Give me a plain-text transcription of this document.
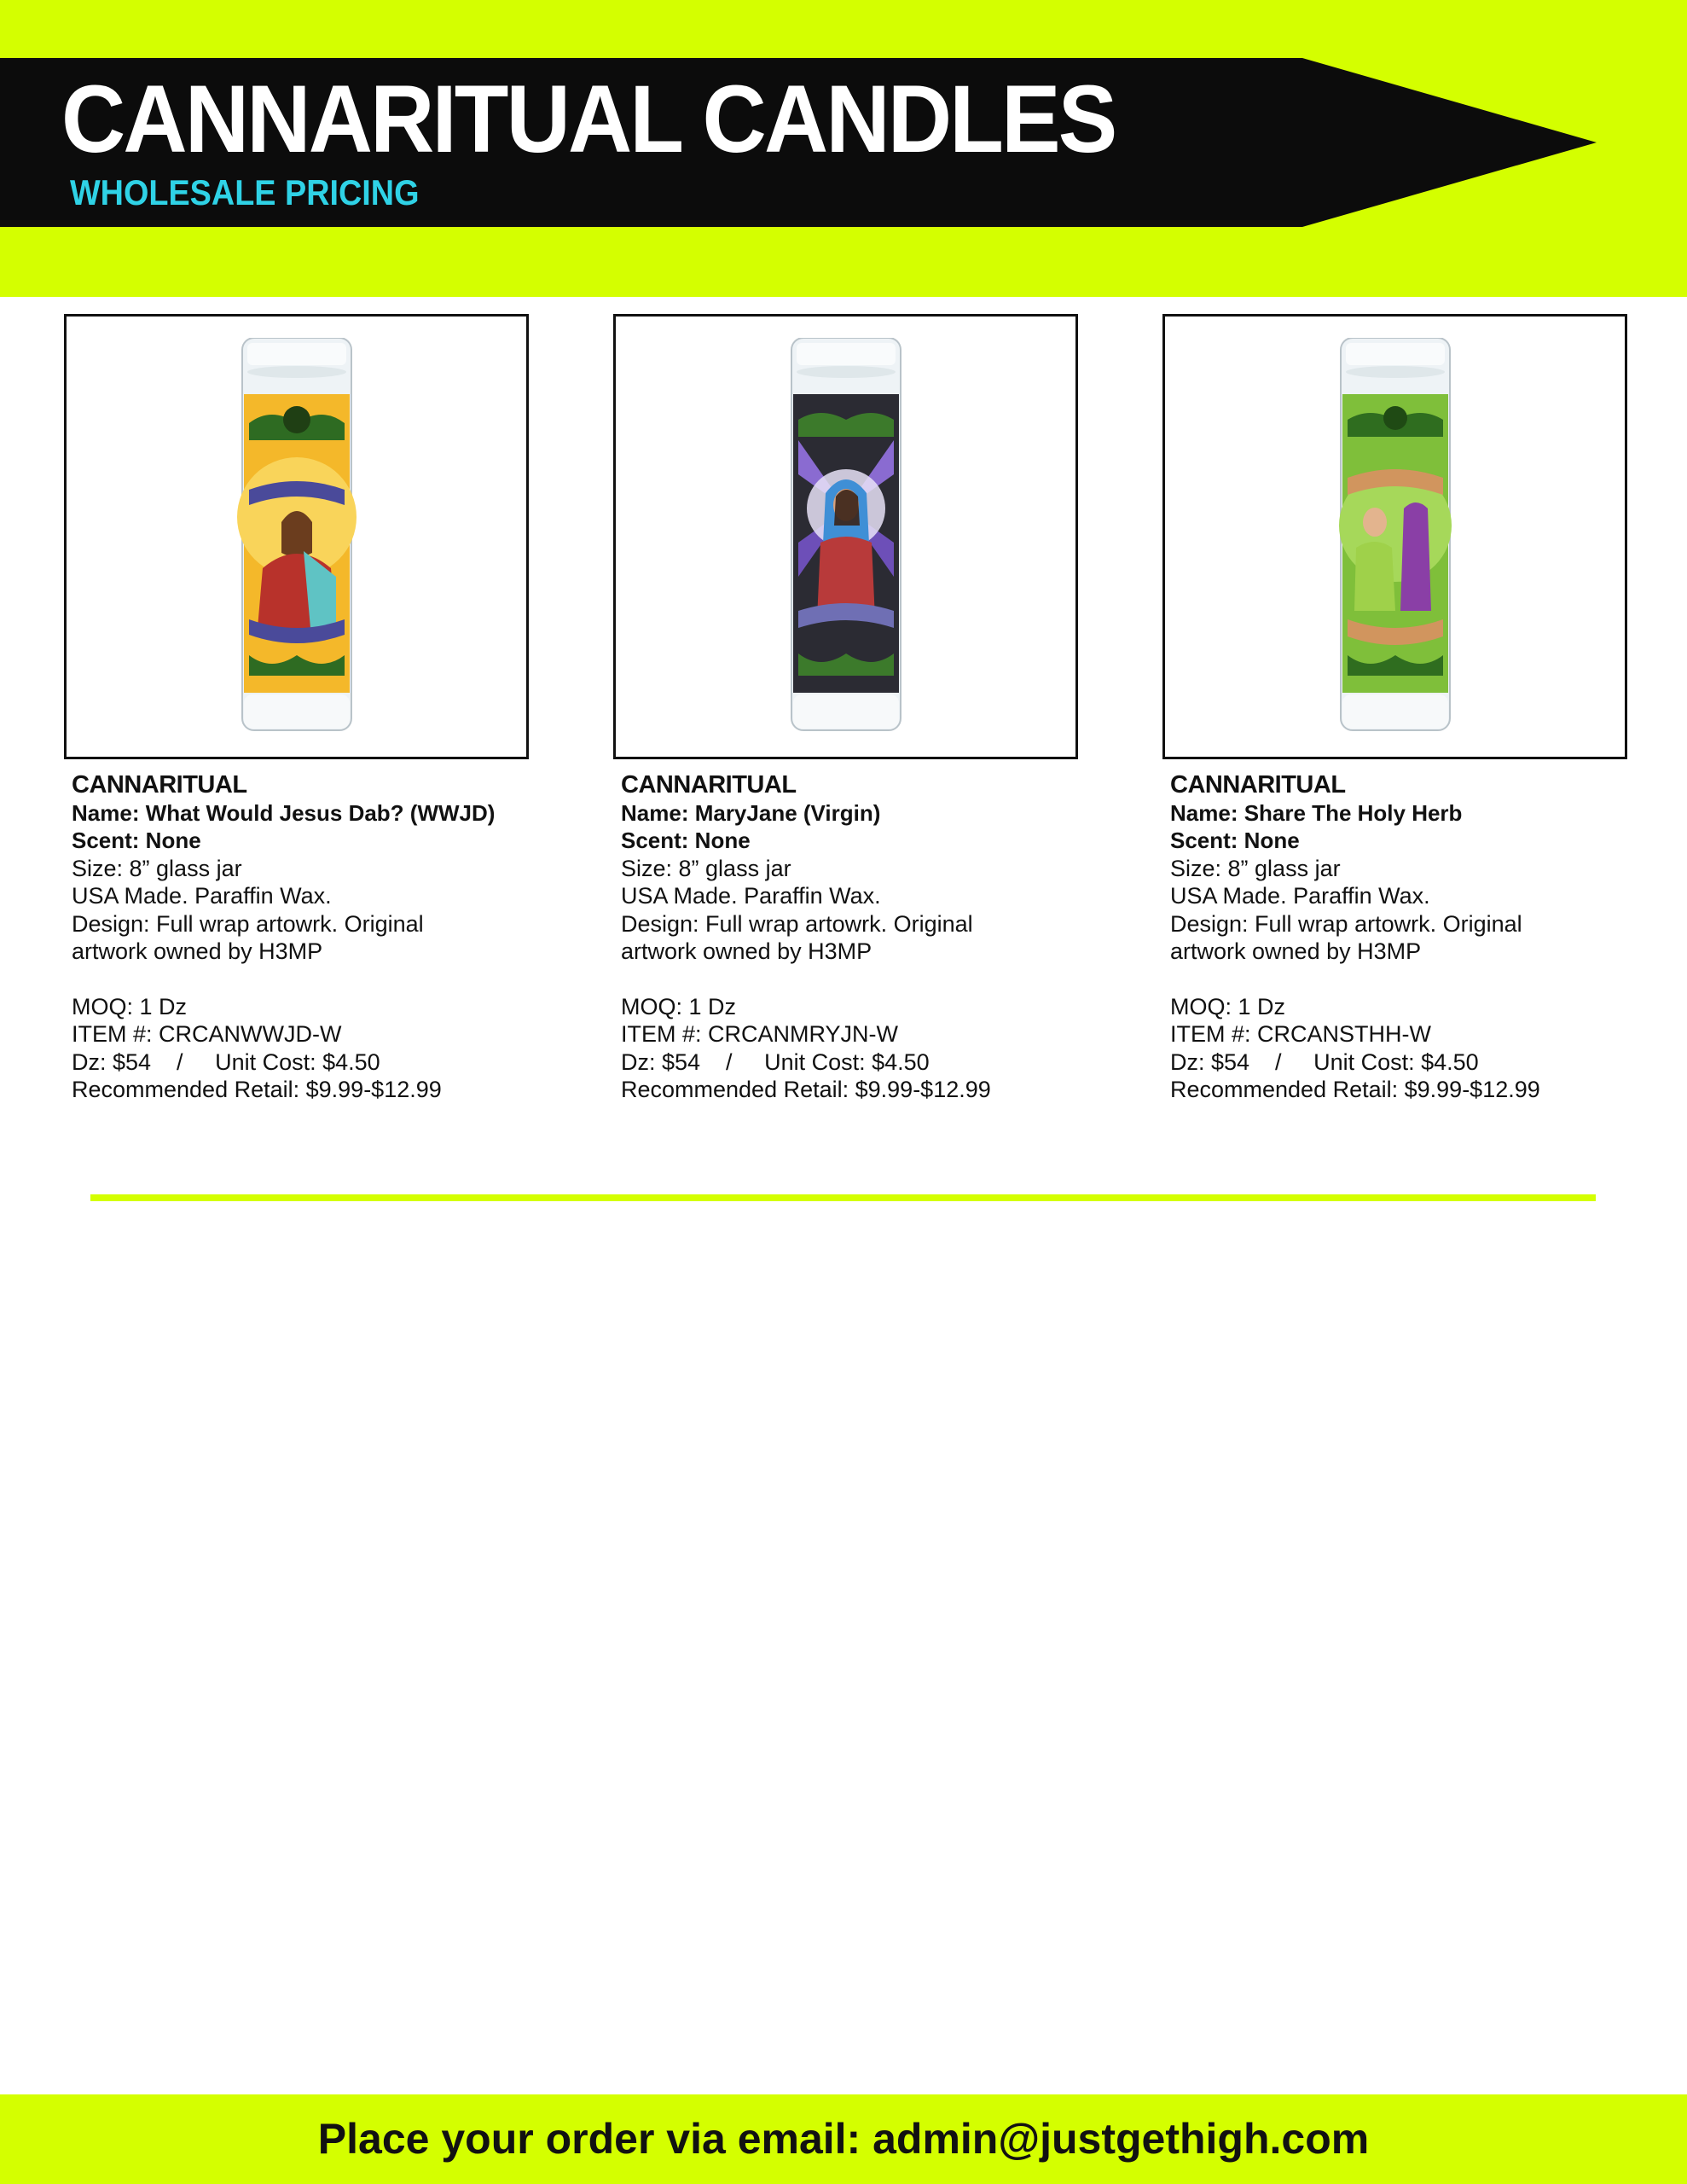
CANNARITUAL CANDLES
WHOLESALE PRICING
CANNARITUAL
Name: What Would Jesus Dab? (WWJD)
Scent: None
Size: 8” glass jar
USA Made. Paraffin Wax.
Design: Full wrap artowrk. Original
artwork owned by H3MP
MOQ: 1 Dz
ITEM #: CRCANWWJD-W
Dz: $54    /     Unit Cost: $4.50
Recommended Retail: $9.99-$12.99
CANNARITUAL
Name: MaryJane (Virgin)
Scent: None
Size: 8” glass jar
USA Made. Paraffin Wax.
Design: Full wrap artowrk. Original
artwork owned by H3MP
MOQ: 1 Dz
ITEM #: CRCANMRYJN-W
Dz: $54    /     Unit Cost: $4.50
Recommended Retail: $9.99-$12.99
CANNARITUAL
Name: Share The Holy Herb
Scent: None
Size: 8” glass jar
USA Made. Paraffin Wax.
Design: Full wrap artowrk. Original
artwork owned by H3MP
MOQ: 1 Dz
ITEM #: CRCANSTHH-W
Dz: $54    /     Unit Cost: $4.50
Recommended Retail: $9.99-$12.99
Place your order via email: admin@justgethigh.com
